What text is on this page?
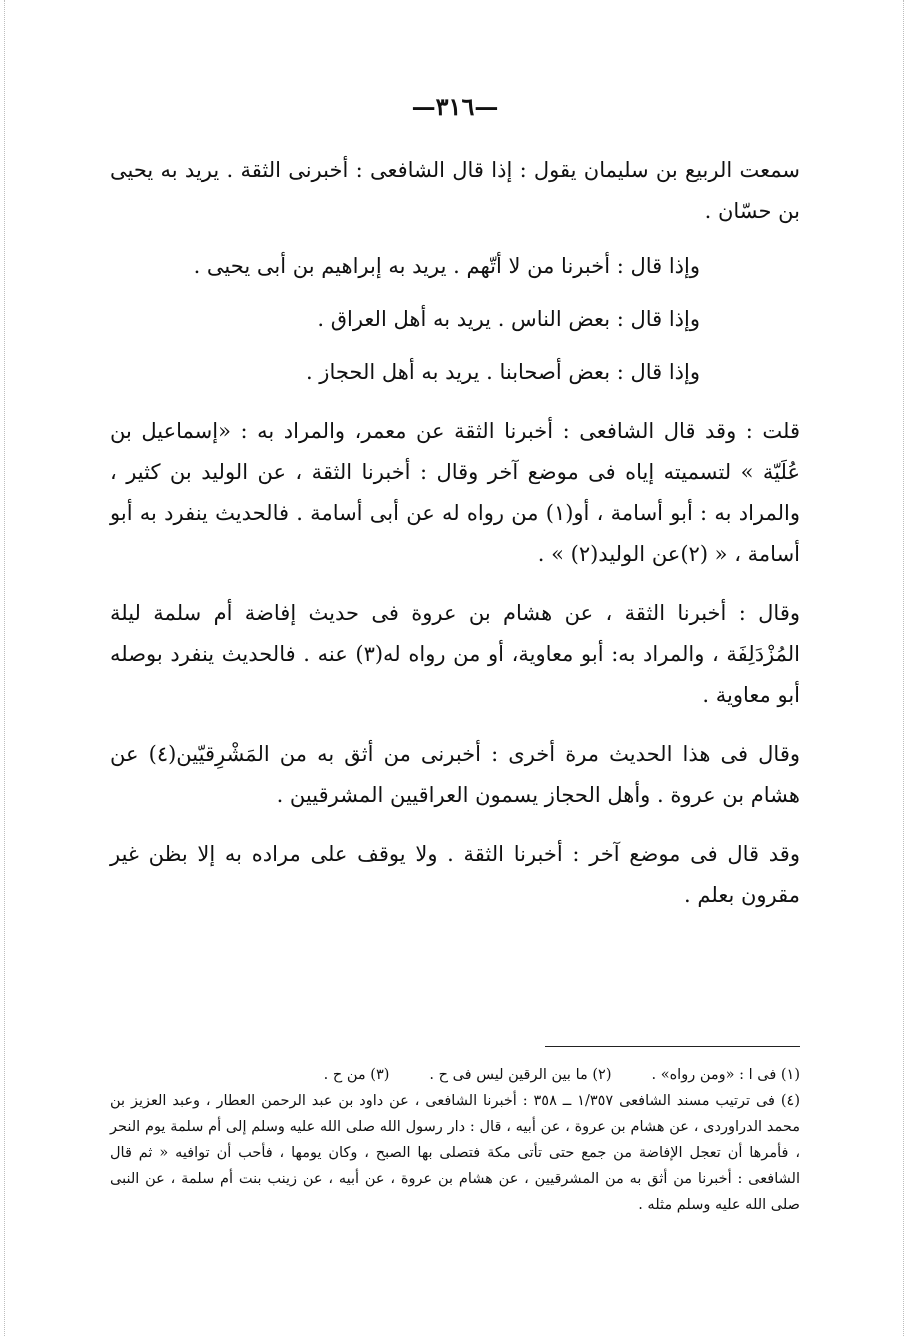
—٣١٦—

سمعت الربيع بن سليمان يقول : إذا قال الشافعى : أخبرنى الثقة . يريد به يحيى بن حسّان .

وإذا قال : أخبرنا من لا أتّهم . يريد به إبراهيم بن أبى يحيى .

وإذا قال : بعض الناس . يريد به أهل العراق .

وإذا قال : بعض أصحابنا . يريد به أهل الحجاز .

قلت : وقد قال الشافعى : أخبرنا الثقة عن معمر، والمراد به : «إسماعيل بن عُلَيّة » لتسميته إياه فى موضع آخر وقال : أخبرنا الثقة ، عن الوليد بن كثير ، والمراد به : أبو أسامة ، أو(١) من رواه له عن أبى أسامة . فالحديث ينفرد به أبو أسامة ، « (٢)عن الوليد(٢) » .

وقال : أخبرنا الثقة ، عن هشام بن عروة فى حديث إفاضة أم سلمة ليلة المُزْدَلِفَة ، والمراد به: أبو معاوية، أو من رواه له(٣) عنه . فالحديث ينفرد بوصله أبو معاوية .

وقال فى هذا الحديث مرة أخرى : أخبرنى من أثق به من المَشْرِقيّين(٤) عن هشام بن عروة . وأهل الحجاز يسمون العراقيين المشرقيين .

وقد قال فى موضع آخر : أخبرنا الثقة . ولا يوقف على مراده به إلا بظن غير مقرون بعلم .

(١) فى ا : «ومن رواه» .
(٢) ما بين الرقين ليس فى ح .
(٣) من ح .

(٤) فى ترتيب مسند الشافعى ١/٣٥٧ ــ ٣٥٨ : أخبرنا الشافعى ، عن داود بن عبد الرحمن العطار ، وعبد العزيز بن محمد الدراوردى ، عن هشام بن عروة ، عن أبيه ، قال : دار رسول الله صلى الله عليه وسلم إلى أم سلمة يوم النحر ، فأمرها أن تعجل الإفاضة من جمع حتى تأتى مكة فتصلى بها الصبح ، وكان يومها ، فأحب أن توافيه « ثم قال الشافعى : أخبرنا من أثق به من المشرقيين ، عن هشام بن عروة ، عن أبيه ، عن زينب بنت أم سلمة ، عن النبى صلى الله عليه وسلم مثله .
